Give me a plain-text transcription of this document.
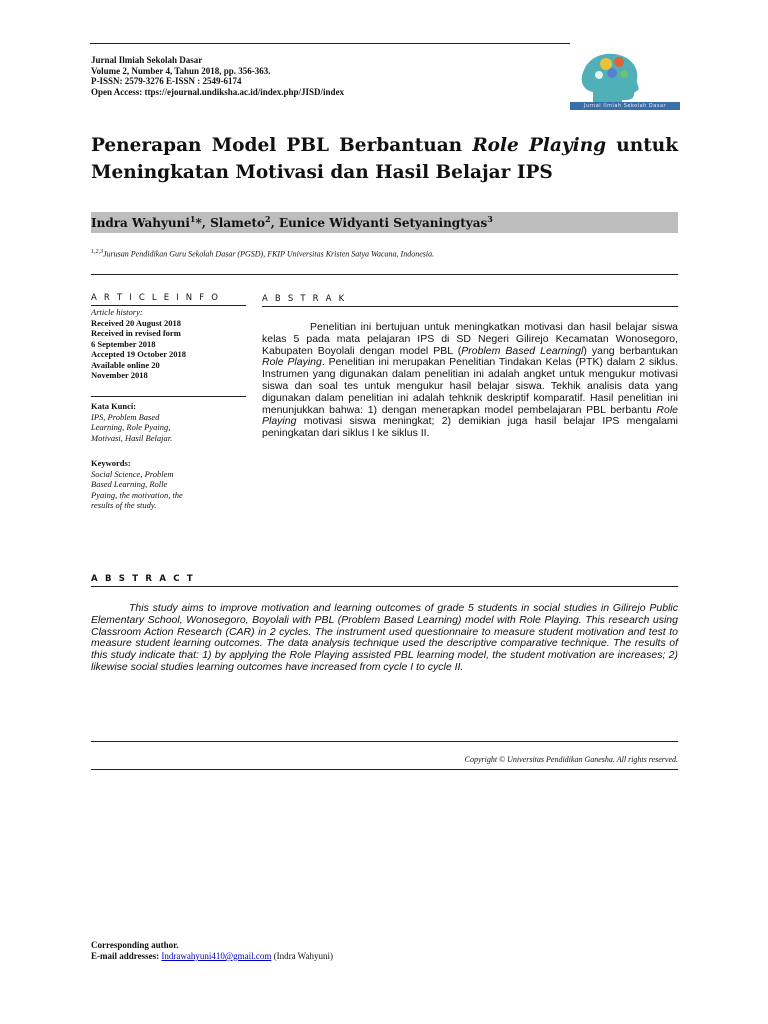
Jurnal Ilmiah Sekolah Dasar
Volume 2, Number 4, Tahun 2018, pp. 356-363.
P-ISSN: 2579-3276 E-ISSN : 2549-6174
Open Access: ttps://ejournal.undiksha.ac.id/index.php/JISD/index
Jurnal Ilmiah Sekolah Dasar
Penerapan Model PBL Berbantuan Role Playing untuk Meningkatan Motivasi dan Hasil Belajar IPS
Indra Wahyuni$^1$*, Slameto$^2$, Eunice Widyanti Setyaningtyas$^3$
$^{1,2,3}$Jurusan Pendidikan Guru Sekolah Dasar (PGSD), FKIP Universitas Kristen Satya Wacana, Indonesia.
A R T I C L E I N F O
Article history:
Received 20 August 2018
Received in revised form
6 September 2018
Accepted 19 October 2018
Available online 20
November 2018
Kata Kunci:
IPS, Problem Based
Learning, Role Pyaing,
Motivasi, Hasil Belajar.
Keywords:
Social Science, Problem
Based Learning, Rolle
Pyaing, the motivation, the
results of the study.
A B S T R A K

Penelitian ini bertujuan untuk meningkatkan motivasi dan hasil belajar siswa kelas 5 pada mata pelajaran IPS di SD Negeri Gilirejo Kecamatan Wonosegoro, Kabupaten Boyolali dengan model PBL (Problem Based Learningl) yang berbantukan Role Playing. Penelitian ini merupakan Penelitian Tindakan Kelas (PTK) dalam 2 siklus. Instrumen yang digunakan dalam penelitian ini adalah angket untuk mengukur motivasi siswa dan soal tes untuk mengukur hasil belajar siswa. Tekhik analisis data yang digunakan dalam penelitian ini adalah tehknik deskriptif komparatif. Hasil penelitian ini menunjukkan bahwa: 1) dengan menerapkan model pembelajaran PBL berbantu Role Playing motivasi siswa meningkat; 2) demikian juga hasil belajar IPS mengalami peningkatan dari siklus I ke siklus II.

A B S T R A C T

This study aims to improve motivation and learning outcomes of grade 5 students in social studies in Gilirejo Public Elementary School, Wonosegoro, Boyolali with PBL (Problem Based Learning) model with Role Playing. This research using Classroom Action Research (CAR) in 2 cycles. The instrument used questionnaire to measure student motivation and test to measure student learning outcomes. The data analysis technique used the descriptive comparative technique. The results of this study indicate that: 1) by applying the Role Playing assisted PBL learning model, the student motivation are increases; 2) likewise social studies learning outcomes have increased from cycle I to cycle II.

Copyright © Universitas Pendidikan Ganesha. All rights reserved.
Corresponding author.
E-mail addresses: Indrawahyuni410@gmail.com (Indra Wahyuni)
